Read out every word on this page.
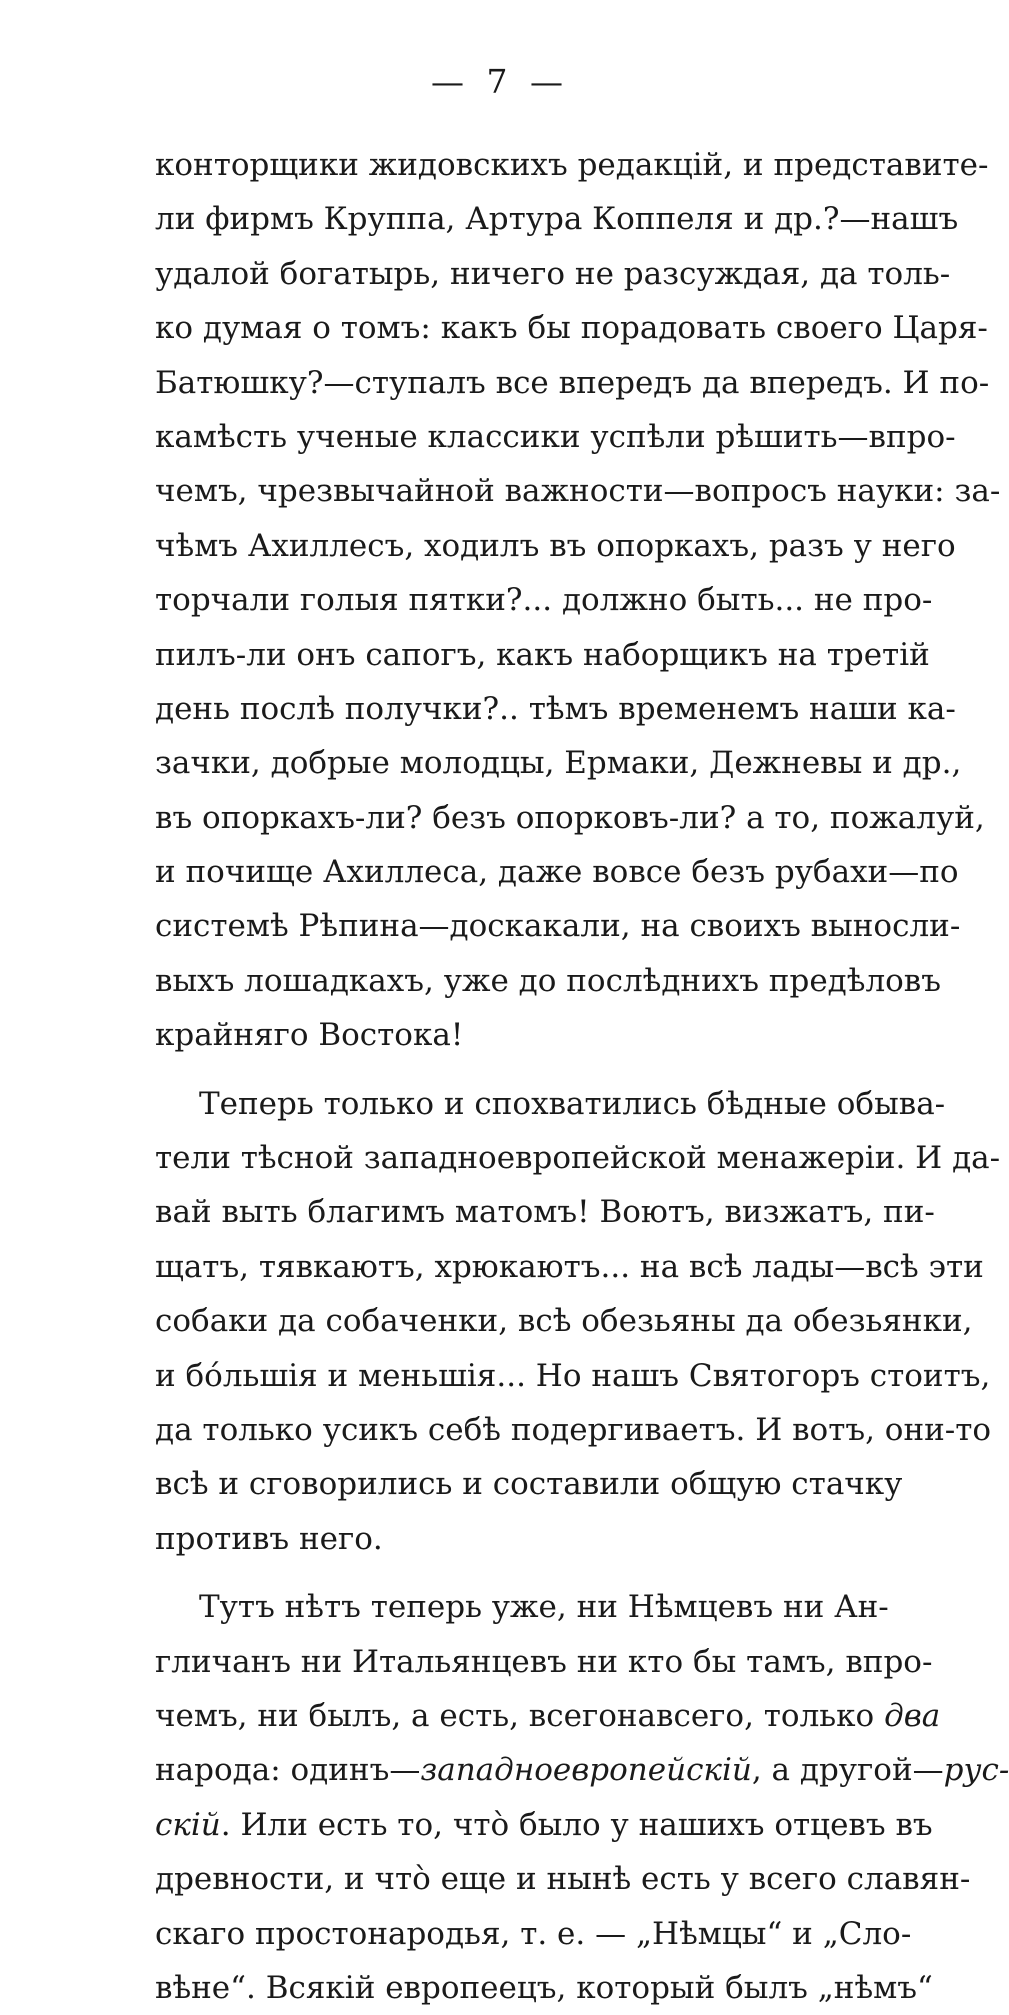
— 7 —
конторщики жидовскихъ редакцій, и представите-
ли фирмъ Круппа, Артура Коппеля и др.?—нашъ
удалой богатырь, ничего не разсуждая, да толь-
ко думая о томъ: какъ бы порадовать своего Царя-
Батюшку?—ступалъ все впередъ да впередъ. И по-
камѣсть ученые классики успѣли рѣшить—впро-
чемъ, чрезвычайной важности—вопросъ науки: за-
чѣмъ Ахиллесъ, ходилъ въ опоркахъ, разъ у него
торчали голыя пятки?... должно быть... не про-
пилъ-ли онъ сапогъ, какъ наборщикъ на третій
день послѣ получки?.. тѣмъ временемъ наши ка-
зачки, добрые молодцы, Ермаки, Дежневы и др.,
въ опоркахъ-ли? безъ опорковъ-ли? а то, пожалуй,
и почище Ахиллеса, даже вовсе безъ рубахи—по
системѣ Рѣпина—доскакали, на своихъ выносли-
выхъ лошадкахъ, уже до послѣднихъ предѣловъ
крайняго Востока!
Теперь только и спохватились бѣдные обыва-
тели тѣсной западноевропейской менажеріи. И да-
вай выть благимъ матомъ! Воютъ, визжатъ, пи-
щатъ, тявкаютъ, хрюкаютъ... на всѣ лады—всѣ эти
собаки да собаченки, всѣ обезьяны да обезьянки,
и бóльшія и меньшія... Но нашъ Святогоръ стоитъ,
да только усикъ себѣ подергиваетъ. И вотъ, они-то
всѣ и сговорились и составили общую стачку
противъ него.
Тутъ нѣтъ теперь уже, ни Нѣмцевъ ни Ан-
гличанъ ни Итальянцевъ ни кто бы тамъ, впро-
чемъ, ни былъ, а есть, всегонавсего, только два
народа: одинъ—западноевропейскій, а другой—рус-
скій. Или есть то, чтò было у нашихъ отцевъ въ
древности, и чтò еще и нынѣ есть у всего славян-
скаго простонародья, т. е. — „Нѣмцы“ и „Сло-
вѣне“. Всякій европеецъ, который былъ „нѣмъ“
